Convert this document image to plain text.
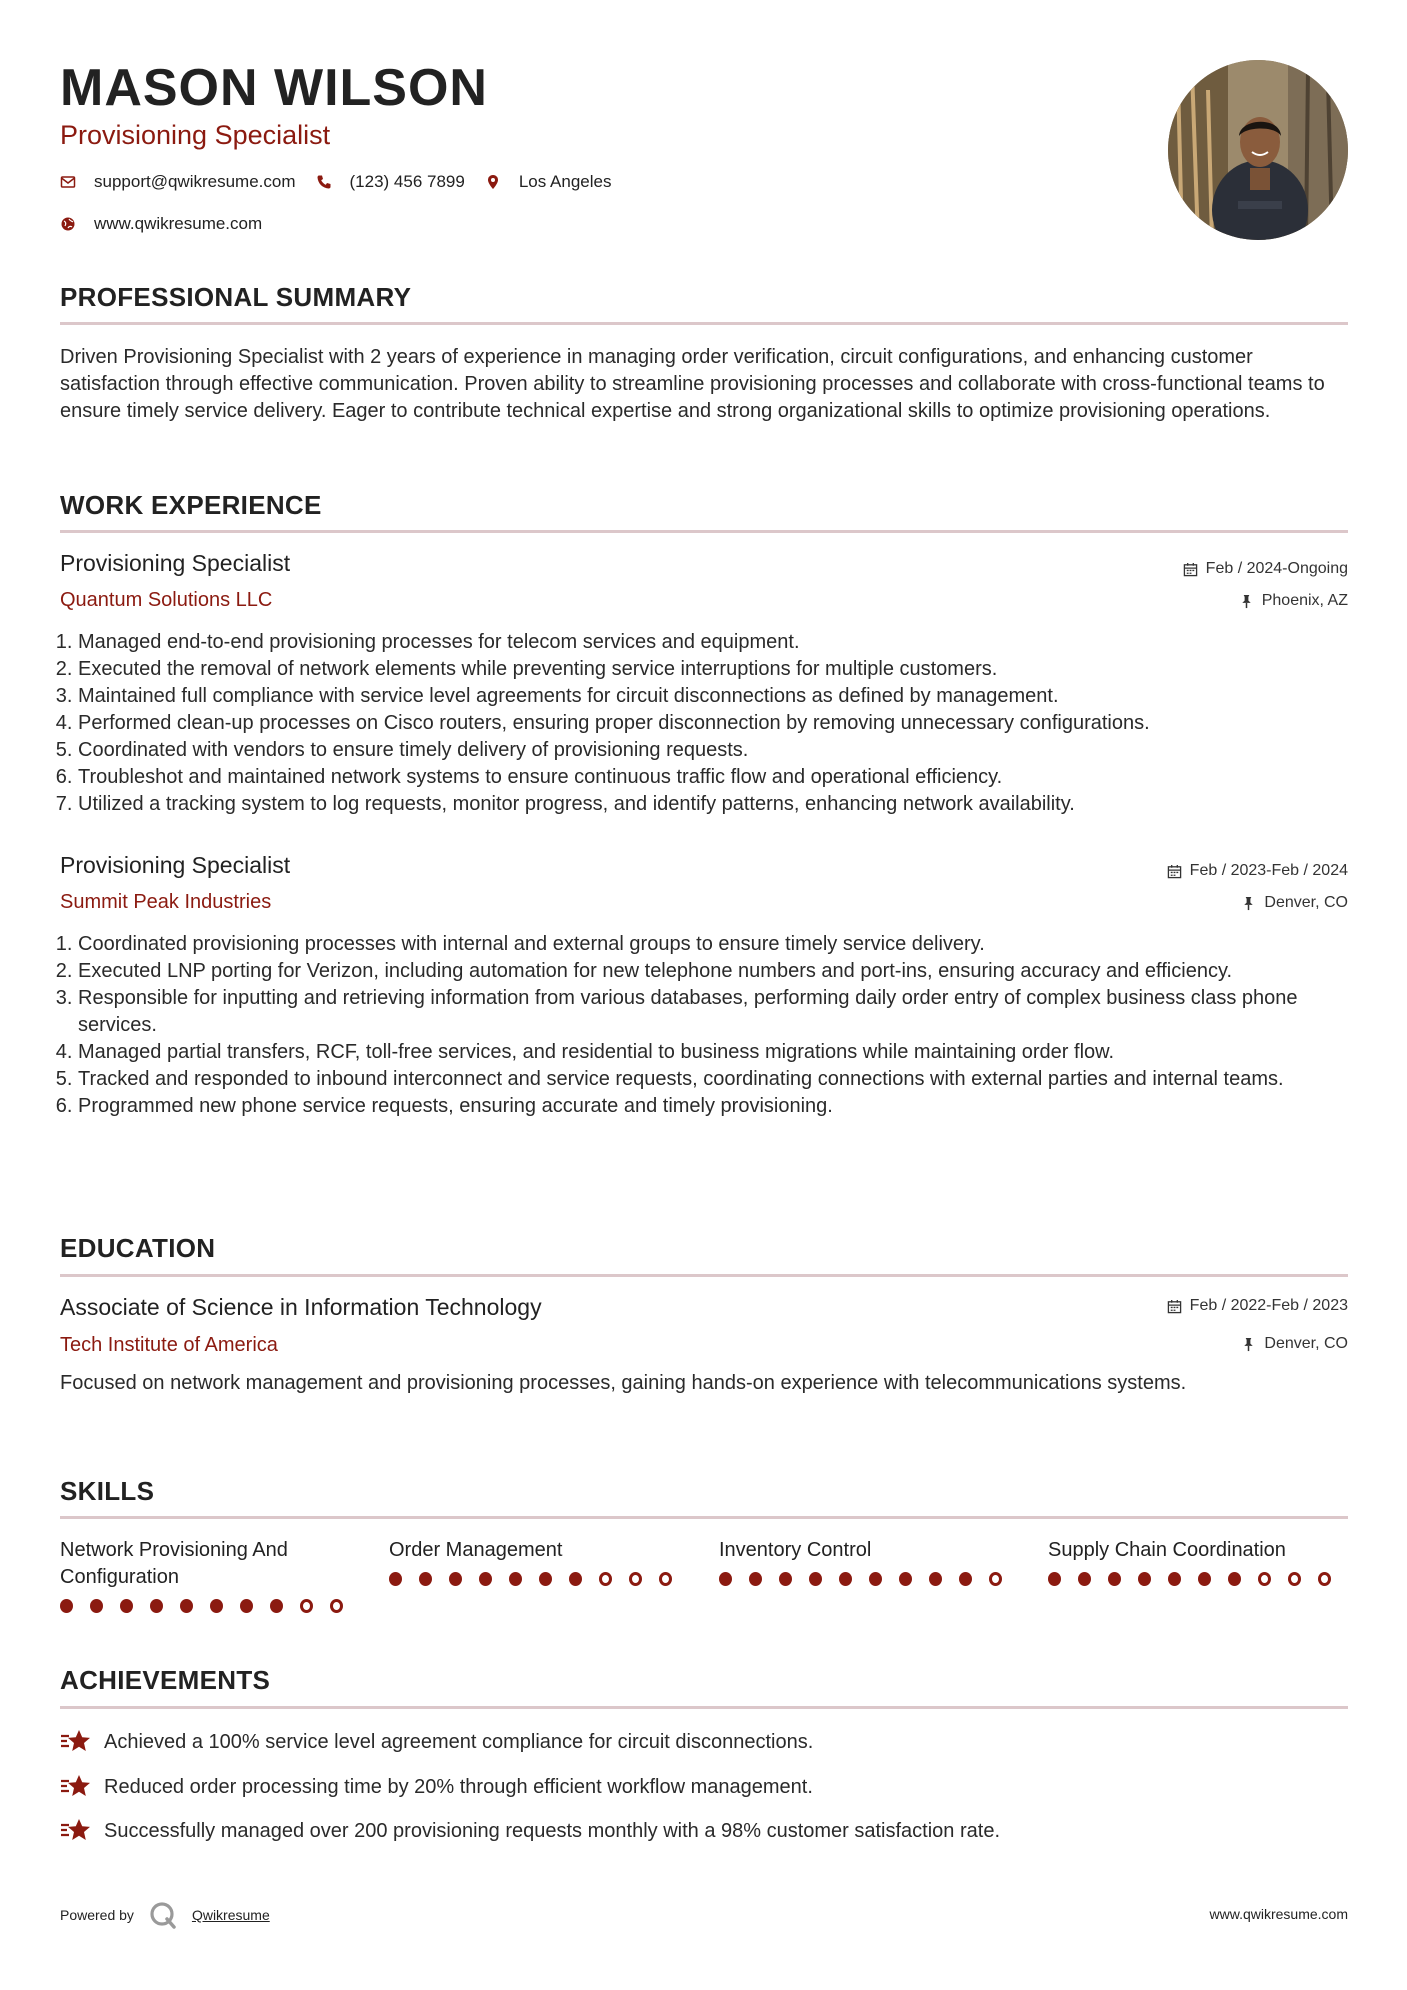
MASON WILSON
Provisioning Specialist
support@qwikresume.com	(123) 456 7899	Los Angeles
www.qwikresume.com
PROFESSIONAL SUMMARY
Driven Provisioning Specialist with 2 years of experience in managing order verification, circuit configurations, and enhancing customer satisfaction through effective communication. Proven ability to streamline provisioning processes and collaborate with cross-functional teams to ensure timely service delivery. Eager to contribute technical expertise and strong organizational skills to optimize provisioning operations.
WORK EXPERIENCE
Provisioning Specialist	Feb / 2024-Ongoing
Quantum Solutions LLC	Phoenix, AZ
1. Managed end-to-end provisioning processes for telecom services and equipment.
2. Executed the removal of network elements while preventing service interruptions for multiple customers.
3. Maintained full compliance with service level agreements for circuit disconnections as defined by management.
4. Performed clean-up processes on Cisco routers, ensuring proper disconnection by removing unnecessary configurations.
5. Coordinated with vendors to ensure timely delivery of provisioning requests.
6. Troubleshot and maintained network systems to ensure continuous traffic flow and operational efficiency.
7. Utilized a tracking system to log requests, monitor progress, and identify patterns, enhancing network availability.
Provisioning Specialist	Feb / 2023-Feb / 2024
Summit Peak Industries	Denver, CO
1. Coordinated provisioning processes with internal and external groups to ensure timely service delivery.
2. Executed LNP porting for Verizon, including automation for new telephone numbers and port-ins, ensuring accuracy and efficiency.
3. Responsible for inputting and retrieving information from various databases, performing daily order entry of complex business class phone services.
4. Managed partial transfers, RCF, toll-free services, and residential to business migrations while maintaining order flow.
5. Tracked and responded to inbound interconnect and service requests, coordinating connections with external parties and internal teams.
6. Programmed new phone service requests, ensuring accurate and timely provisioning.
EDUCATION
Associate of Science in Information Technology	Feb / 2022-Feb / 2023
Tech Institute of America	Denver, CO
Focused on network management and provisioning processes, gaining hands-on experience with telecommunications systems.
SKILLS
Network Provisioning And Configuration
Order Management	Inventory Control	Supply Chain Coordination
ACHIEVEMENTS
Achieved a 100% service level agreement compliance for circuit disconnections.
Reduced order processing time by 20% through efficient workflow management.
Successfully managed over 200 provisioning requests monthly with a 98% customer satisfaction rate.
Powered by	Qwikresume	www.qwikresume.com
